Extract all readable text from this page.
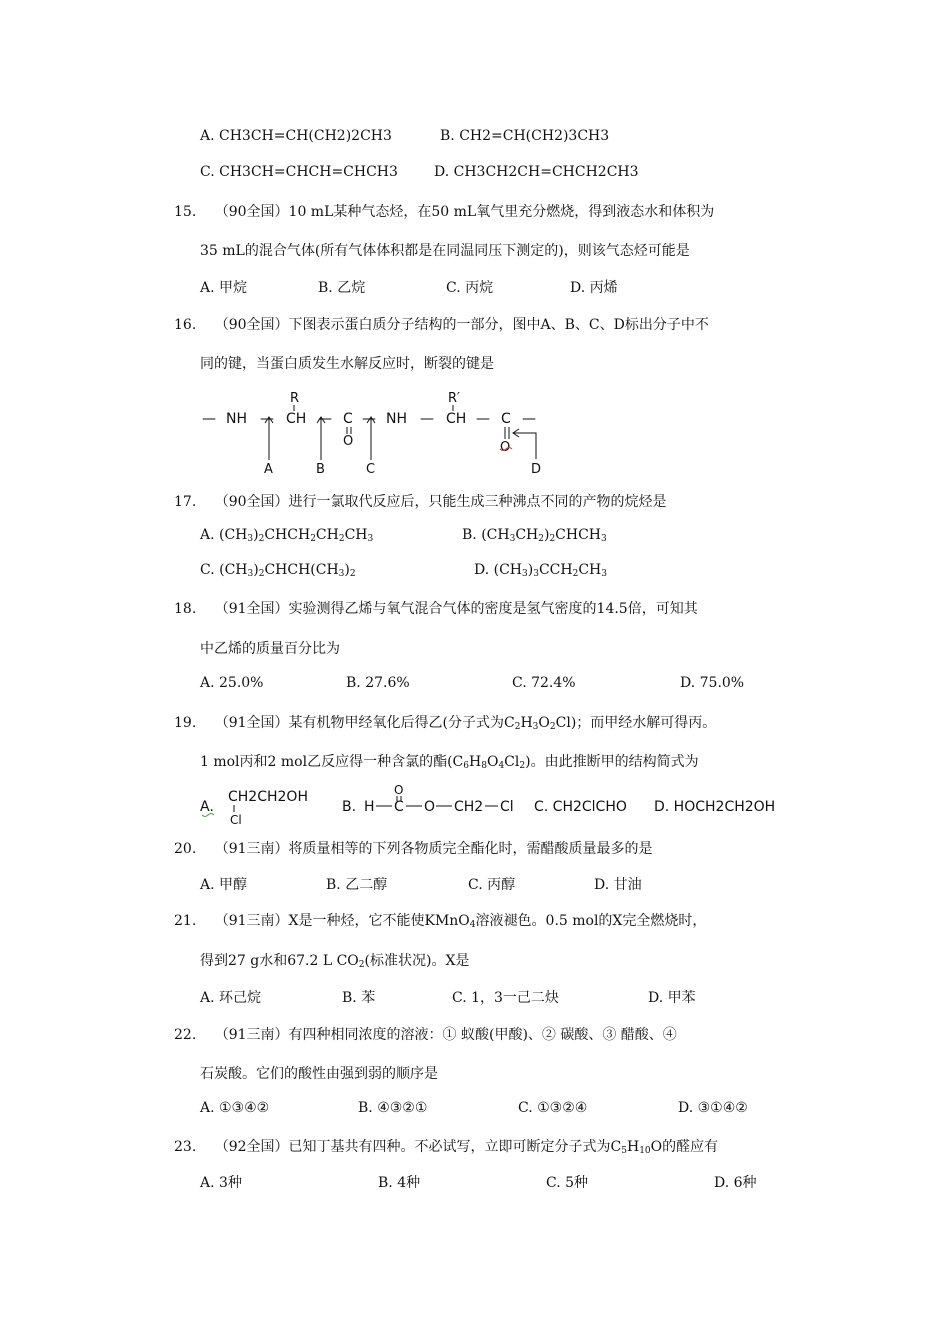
A. CH3CH=CH(CH2)2CH3	B. CH2=CH(CH2)3CH3
C. CH3CH=CHCH=CHCH3	D. CH3CH2CH=CHCH2CH3
15. （90全国）10 mL某种气态烃，在50 mL氧气里充分燃烧，得到液态水和体积为
35 mL的混合气体(所有气体体积都是在同温同压下测定的)，则该气态烃可能是
A. 甲烷	B. 乙烷	C. 丙烷	D. 丙烯
16. （90全国）下图表示蛋白质分子结构的一部分，图中A、B、C、D标出分子中不
同的键，当蛋白质发生水解反应时，断裂的键是
— NH — CH
R
— C
O
— NH — CH
R′
— C
O
—
A	B	C	D
17. （90全国）进行一氯取代反应后，只能生成三种沸点不同的产物的烷烃是
A. $(CH_3)_2CHCH_2CH_2CH_3$	B. $(CH_3CH_2)_2CHCH_3$
C. $(CH_3)_2CHCH(CH_3)_2$	D. $(CH_3)_3CCH_2CH_3$
18. （91全国）实验测得乙烯与氧气混合气体的密度是氢气密度的14.5倍，可知其
中乙烯的质量百分比为
A. 25.0%	B. 27.6%	C. 72.4%	D. 75.0%
19. （91全国）某有机物甲经氧化后得乙(分子式为$C_2H_3O_2Cl$)；而甲经水解可得丙。
1 mol丙和2 mol乙反应得一种含氯的酯$(C_6H_8O_4Cl_2)$。由此推断甲的结构简式为
A.
CH2CH2OH
Cl
B. H C
O
O CH2 Cl C. CH2ClCHO D. HOCH2CH2OH
20. （91三南）将质量相等的下列各物质完全酯化时，需醋酸质量最多的是
A. 甲醇	B. 乙二醇	C. 丙醇	D. 甘油
21. （91三南）X是一种烃，它不能使KMnO$_4$溶液褪色。0.5 mol的X完全燃烧时，
得到27 g水和67.2 L $CO_2$(标准状况)。X是
A. 环己烷	B. 苯	C. 1，3一己二炔	D. 甲苯
22. （91三南）有四种相同浓度的溶液：① 蚁酸(甲酸)、② 碳酸、③ 醋酸、④
石炭酸。它们的酸性由强到弱的顺序是
A. ①③④②	B. ④③②①	C. ①③②④	D. ③①④②
23. （92全国）已知丁基共有四种。不必试写，立即可断定分子式为$C_5H_{10}O$的醛应有
A. 3种	B. 4种	C. 5种	D. 6种
